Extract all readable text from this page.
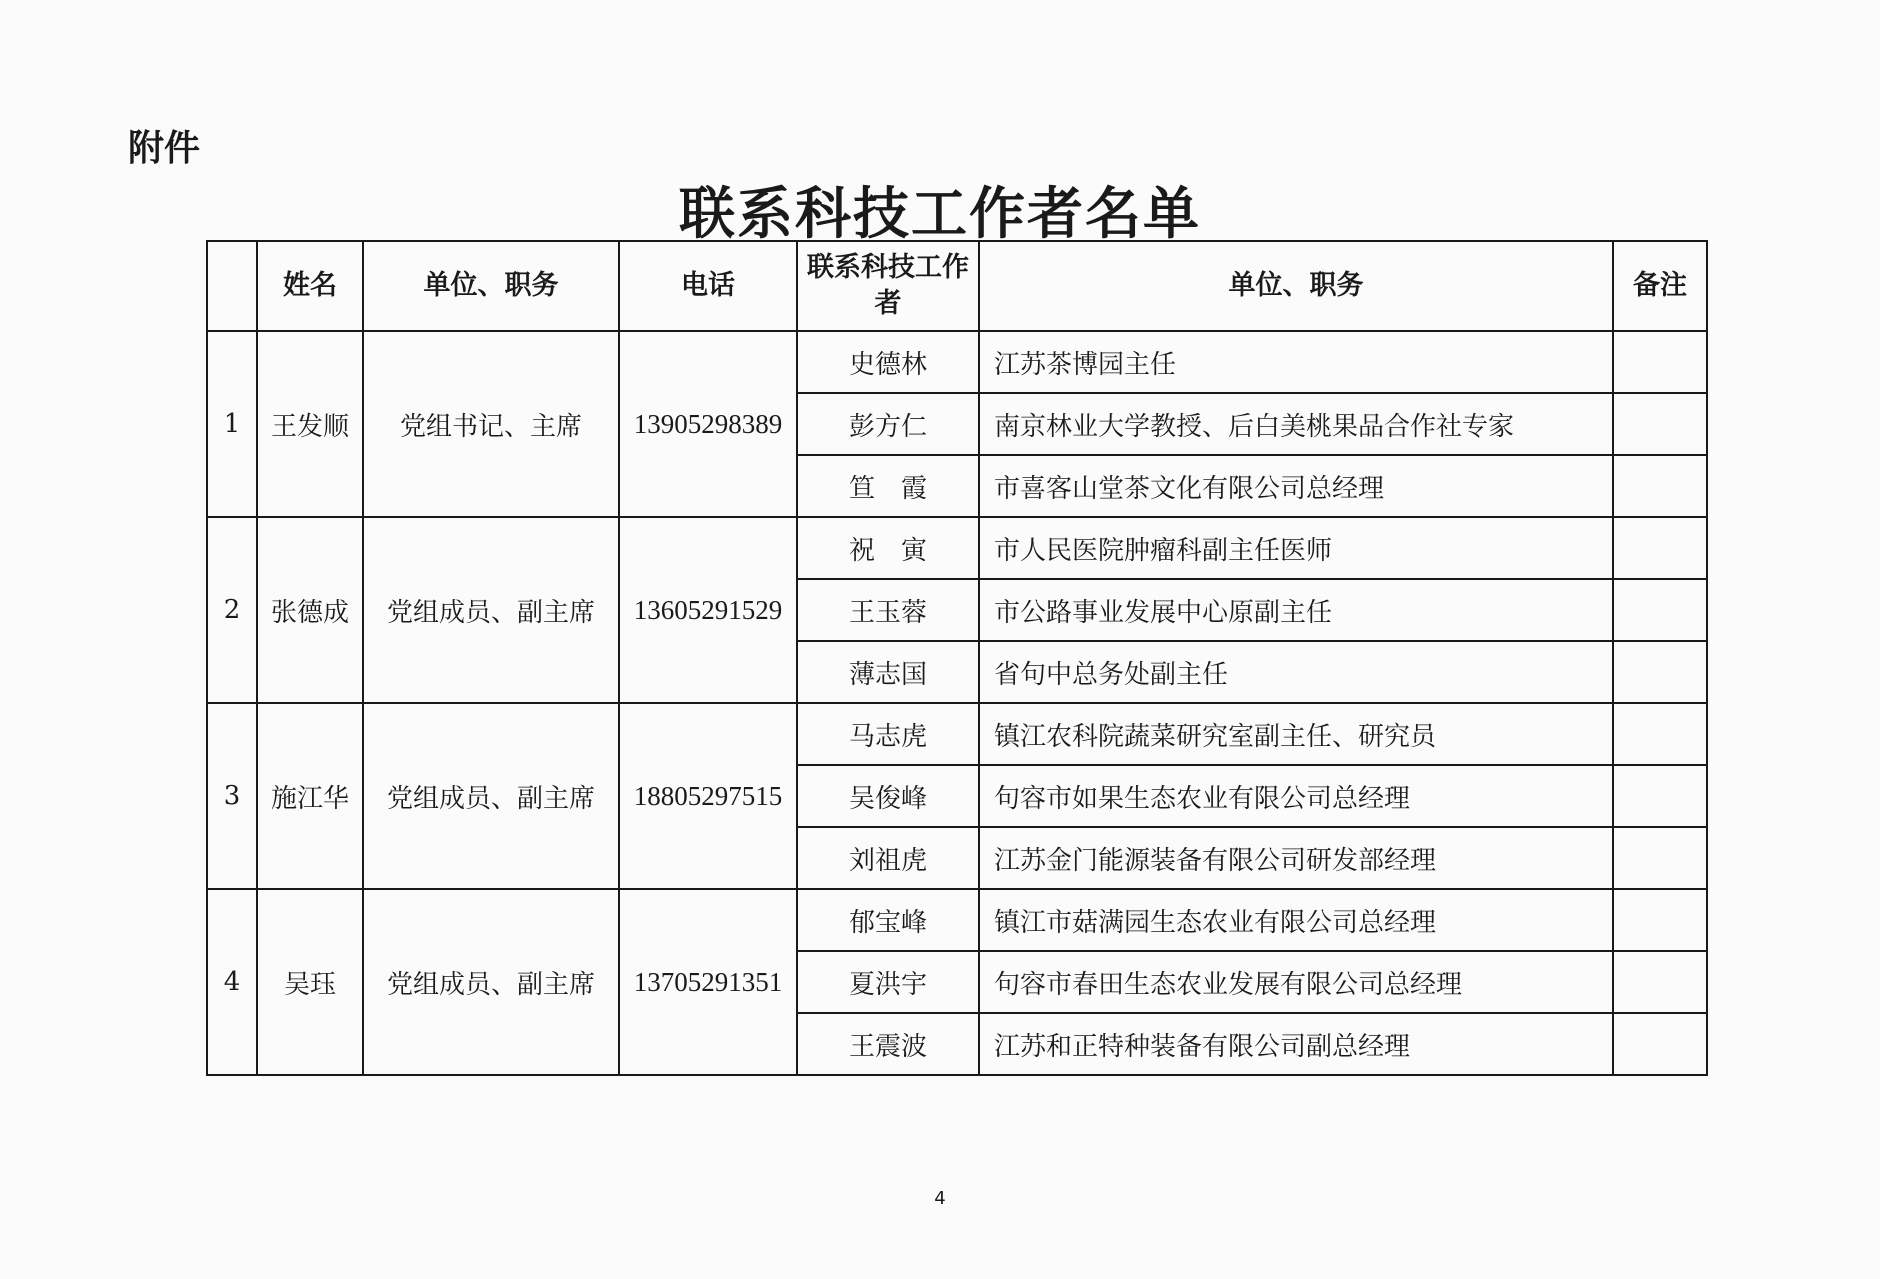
附件
联系科技工作者名单
	姓名	单位、职务	电话	联系科技工作者	单位、职务	备注
1	王发顺	党组书记、主席	13905298389	史德林	江苏茶博园主任	
				彭方仁	南京林业大学教授、后白美桃果品合作社专家	
				笪　霞	市喜客山堂茶文化有限公司总经理	
2	张德成	党组成员、副主席	13605291529	祝　寅	市人民医院肿瘤科副主任医师	
				王玉蓉	市公路事业发展中心原副主任	
				薄志国	省句中总务处副主任	
3	施江华	党组成员、副主席	18805297515	马志虎	镇江农科院蔬菜研究室副主任、研究员	
				吴俊峰	句容市如果生态农业有限公司总经理	
				刘祖虎	江苏金门能源装备有限公司研发部经理	
4	吴珏	党组成员、副主席	13705291351	郁宝峰	镇江市菇满园生态农业有限公司总经理	
				夏洪宇	句容市春田生态农业发展有限公司总经理	
				王震波	江苏和正特种装备有限公司副总经理	
4
